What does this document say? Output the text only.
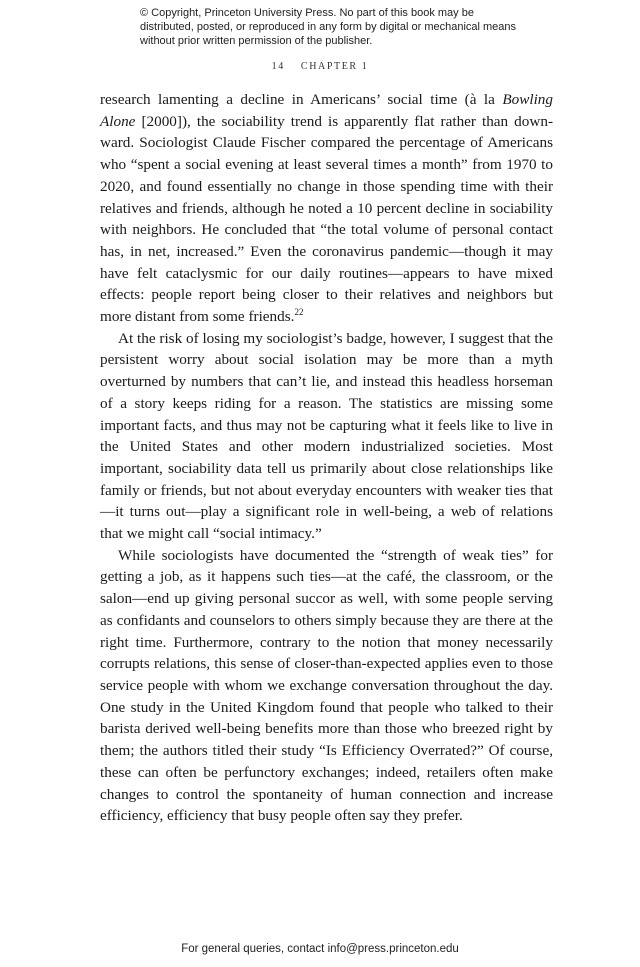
© Copyright, Princeton University Press. No part of this book may be distributed, posted, or reproduced in any form by digital or mechanical means without prior written permission of the publisher.
14 CHAPTER 1

research lamenting a decline in Americans’ social time (à la Bowling Alone [2000]), the sociability trend is apparently flat rather than downward. Sociologist Claude Fischer compared the percentage of Americans who “spent a social evening at least several times a month” from 1970 to 2020, and found essentially no change in those spending time with their relatives and friends, although he noted a 10 percent decline in sociability with neighbors. He concluded that “the total volume of personal contact has, in net, increased.” Even the coronavirus pandemic—though it may have felt cataclysmic for our daily routines—appears to have mixed effects: people report being closer to their relatives and neighbors but more distant from some friends.$^{22}$

At the risk of losing my sociologist’s badge, however, I suggest that the persistent worry about social isolation may be more than a myth overturned by numbers that can’t lie, and instead this headless horseman of a story keeps riding for a reason. The statistics are missing some important facts, and thus may not be capturing what it feels like to live in the United States and other modern industrialized societies. Most important, sociability data tell us primarily about close relationships like family or friends, but not about everyday encounters with weaker ties that—it turns out—play a significant role in well-being, a web of relations that we might call “social intimacy.”

While sociologists have documented the “strength of weak ties” for getting a job, as it happens such ties—at the café, the classroom, or the salon—end up giving personal succor as well, with some people serving as confidants and counselors to others simply because they are there at the right time. Furthermore, contrary to the notion that money necessarily corrupts relations, this sense of closer-than-expected applies even to those service people with whom we exchange conversation throughout the day. One study in the United Kingdom found that people who talked to their barista derived well-being benefits more than those who breezed right by them; the authors titled their study “Is Efficiency Overrated?” Of course, these can often be perfunctory exchanges; indeed, retailers often make changes to control the spontaneity of human connection and increase efficiency, efficiency that busy people often say they prefer.

For general queries, contact info@press.princeton.edu
